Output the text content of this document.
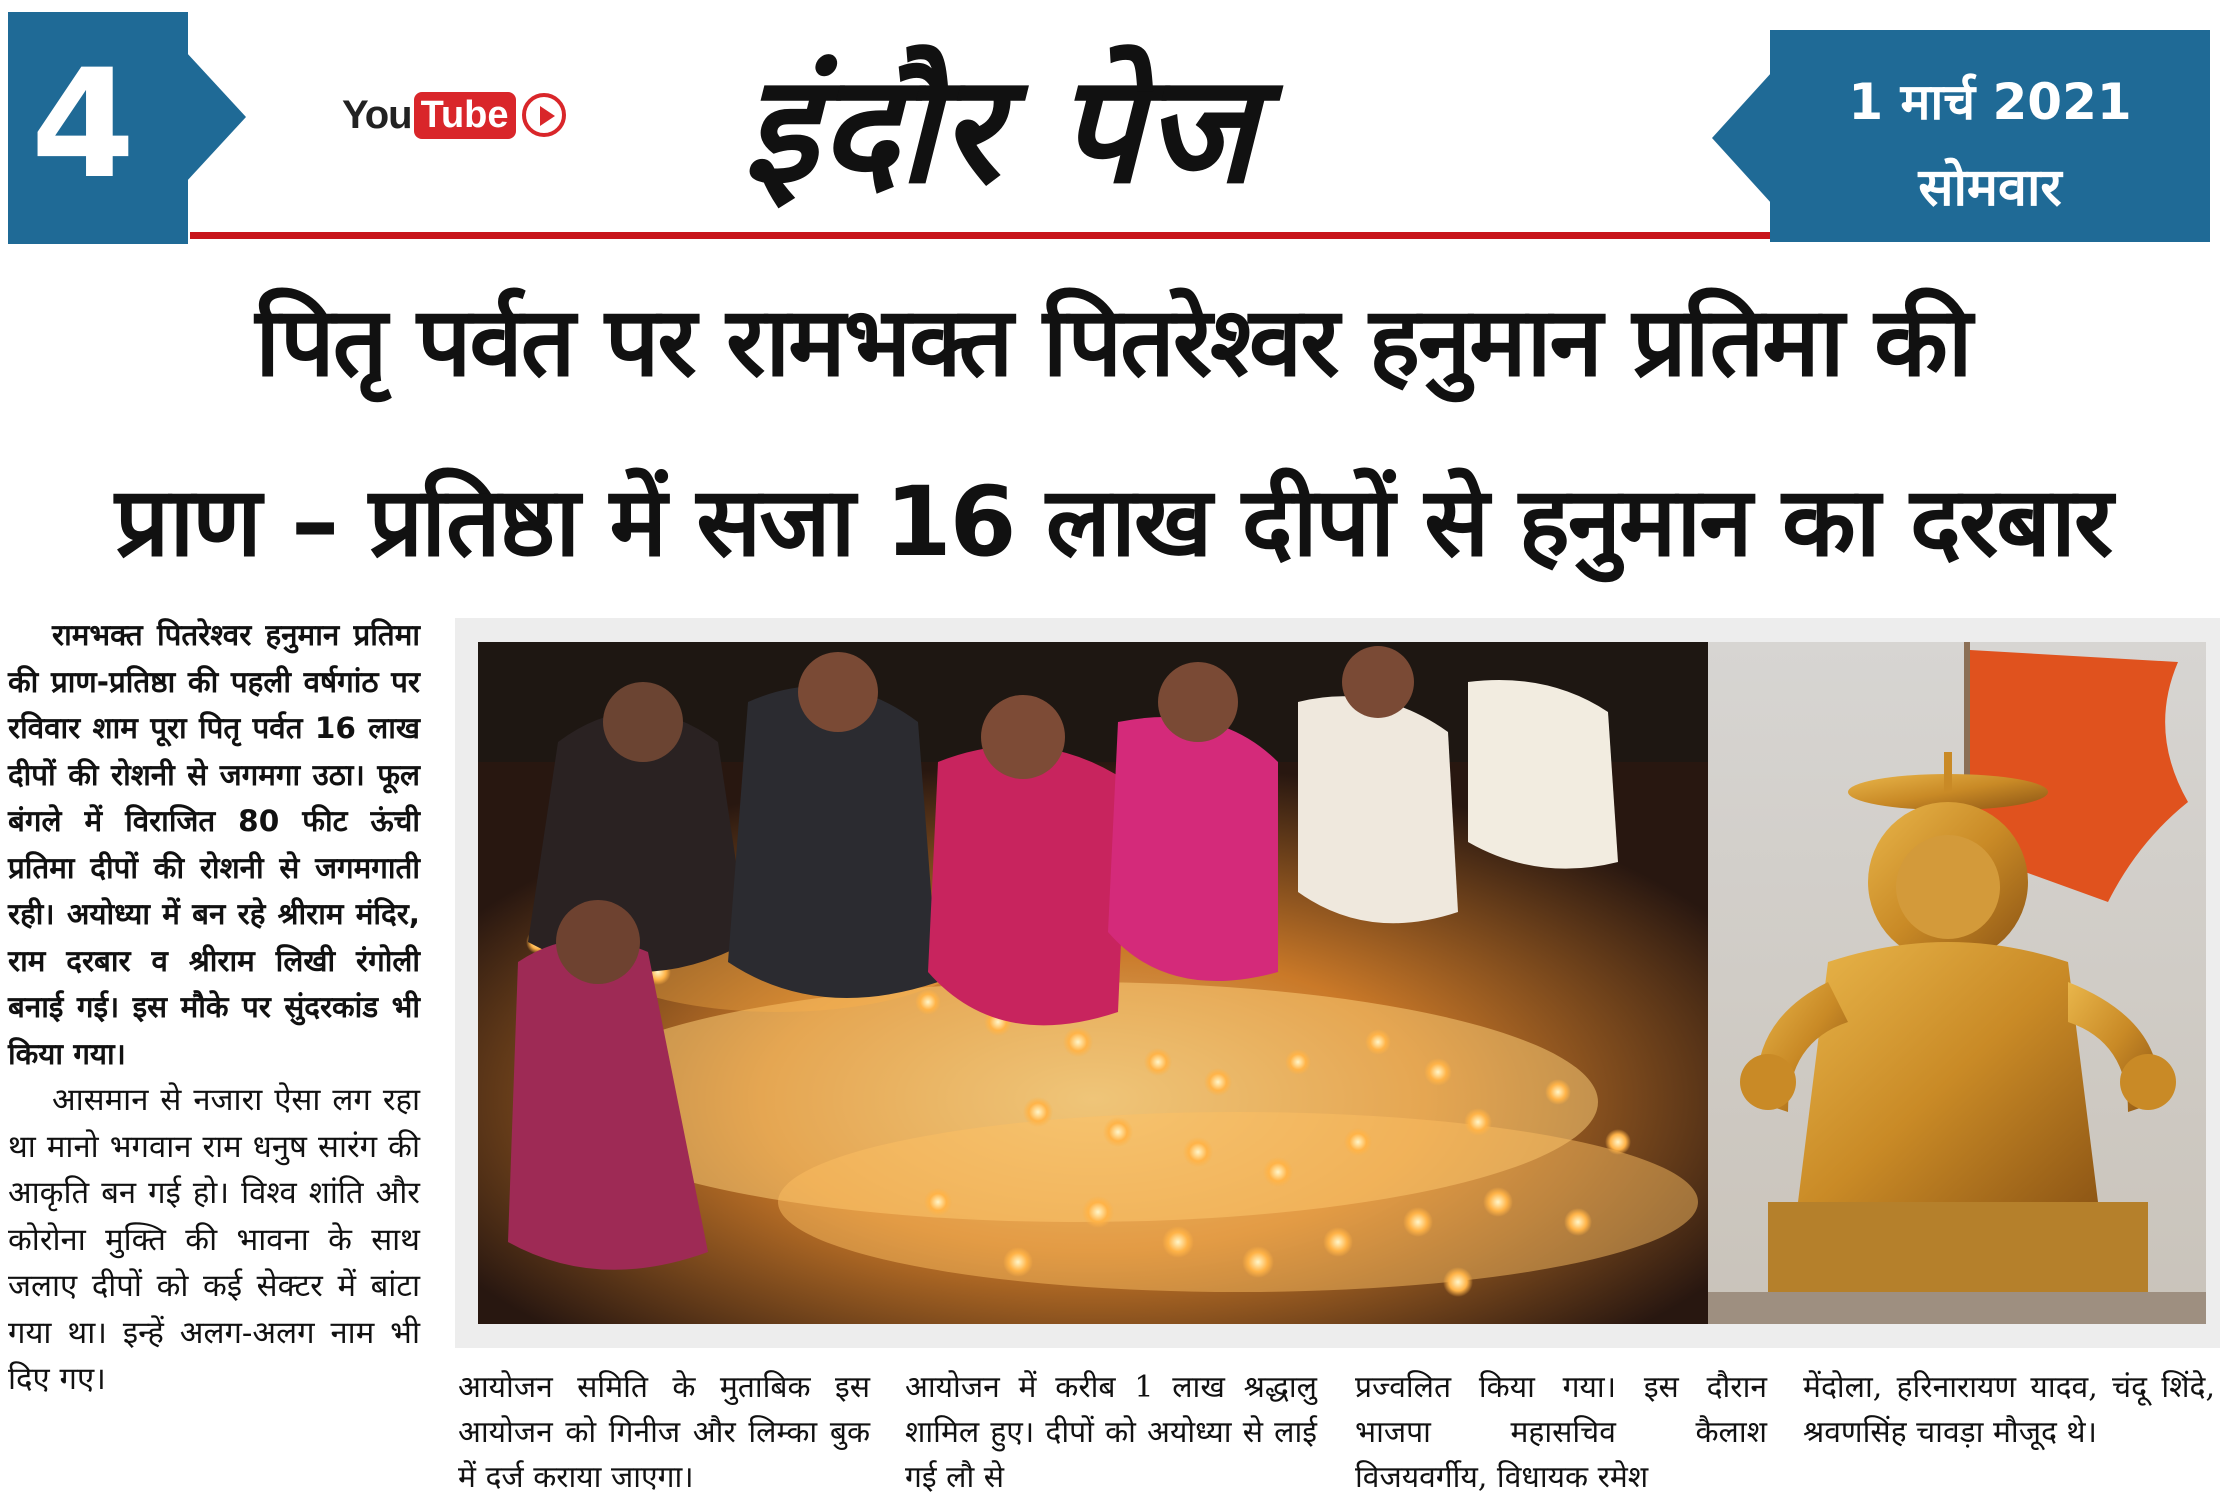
4	You Tube	इंदौर पेज	1 मार्च 2021
सोमवार
पितृ पर्वत पर रामभक्त पितरेश्वर हनुमान प्रतिमा की
प्राण – प्रतिष्ठा में सजा 16 लाख दीपों से हनुमान का दरबार

रामभक्त पितरेश्वर हनुमान प्रतिमा की प्राण-प्रतिष्ठा की पहली वर्षगांठ पर रविवार शाम पूरा पितृ पर्वत 16 लाख दीपों की रोशनी से जगमगा उठा। फूल बंगले में विराजित 80 फीट ऊंची प्रतिमा दीपों की रोशनी से जगमगाती रही। अयोध्या में बन रहे श्रीराम मंदिर, राम दरबार व श्रीराम लिखी रंगोली बनाई गई। इस मौके पर सुंदरकांड भी किया गया।

आसमान से नजारा ऐसा लग रहा था मानो भगवान राम धनुष सारंग की आकृति बन गई हो। विश्व शांति और कोरोना मुक्ति की भावना के साथ जलाए दीपों को कई सेक्टर में बांटा गया था। इन्हें अलग-अलग नाम भी दिए गए।	आयोजन समिति के मुताबिक इस आयोजन को गिनीज और लिम्का बुक में दर्ज कराया जाएगा।
आयोजन में करीब 1 लाख श्रद्धालु शामिल हुए। दीपों को अयोध्या से लाई गई लौ से
प्रज्वलित किया गया। इस दौरान भाजपा महासचिव कैलाश विजयवर्गीय, विधायक रमेश
मेंदोला, हरिनारायण यादव, चंदू शिंदे, श्रवणसिंह चावड़ा मौजूद थे।
